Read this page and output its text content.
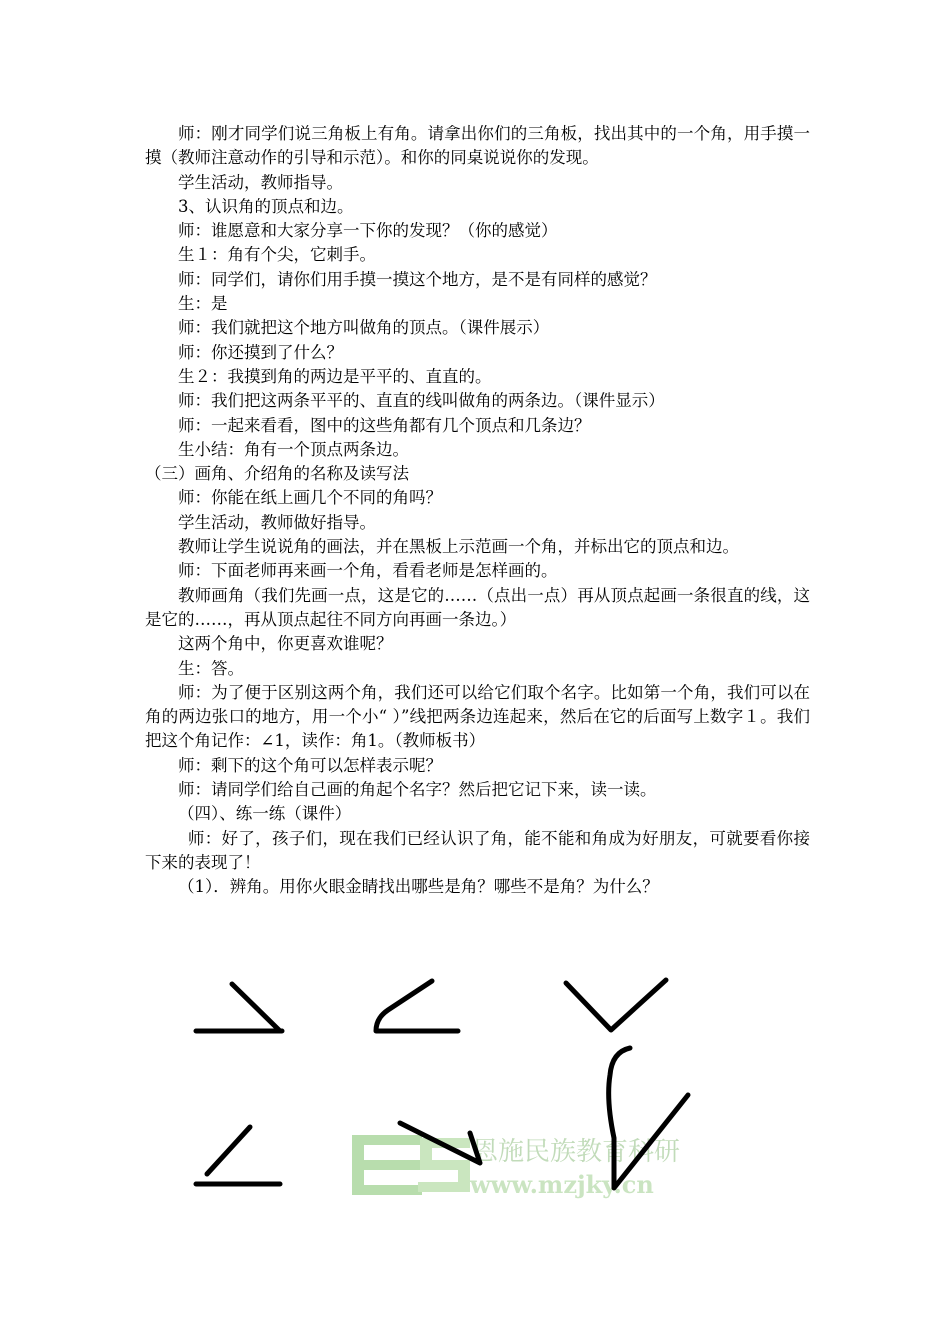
师：刚才同学们说三角板上有角。请拿出你们的三角板，找出其中的一个角，用手摸一摸（教师注意动作的引导和示范）。和你的同桌说说你的发现。

学生活动，教师指导。

3、认识角的顶点和边。

师：谁愿意和大家分享一下你的发现？（你的感觉）

生１：角有个尖，它刺手。

师：同学们，请你们用手摸一摸这个地方，是不是有同样的感觉？

生：是

师：我们就把这个地方叫做角的顶点。（课件展示）

师：你还摸到了什么？

生２：我摸到角的两边是平平的、直直的。

师：我们把这两条平平的、直直的线叫做角的两条边。（课件显示）

师：一起来看看，图中的这些角都有几个顶点和几条边？

生小结：角有一个顶点两条边。

（三）画角、介绍角的名称及读写法

师：你能在纸上画几个不同的角吗？

学生活动，教师做好指导。

教师让学生说说角的画法，并在黑板上示范画一个角，并标出它的顶点和边。

师：下面老师再来画一个角，看看老师是怎样画的。

教师画角（我们先画一点，这是它的……（点出一点）再从顶点起画一条很直的线，这是它的……，再从顶点起往不同方向再画一条边。）

这两个角中，你更喜欢谁呢？

生：答。

师：为了便于区别这两个角，我们还可以给它们取个名字。比如第一个角，我们可以在角的两边张口的地方，用一个小“ ）”线把两条边连起来，然后在它的后面写上数字１。我们把这个角记作：∠1，读作：角1。（教师板书）

师：剩下的这个角可以怎样表示呢？

师：请同学们给自己画的角起个名字？然后把它记下来，读一读。

（四）、练一练（课件）

师：好了，孩子们，现在我们已经认识了角，能不能和角成为好朋友，可就要看你接下来的表现了！

（1）．辨角。用你火眼金睛找出哪些是角？哪些不是角？为什么？

恩施民族教育科研
www.mzjky.cn
